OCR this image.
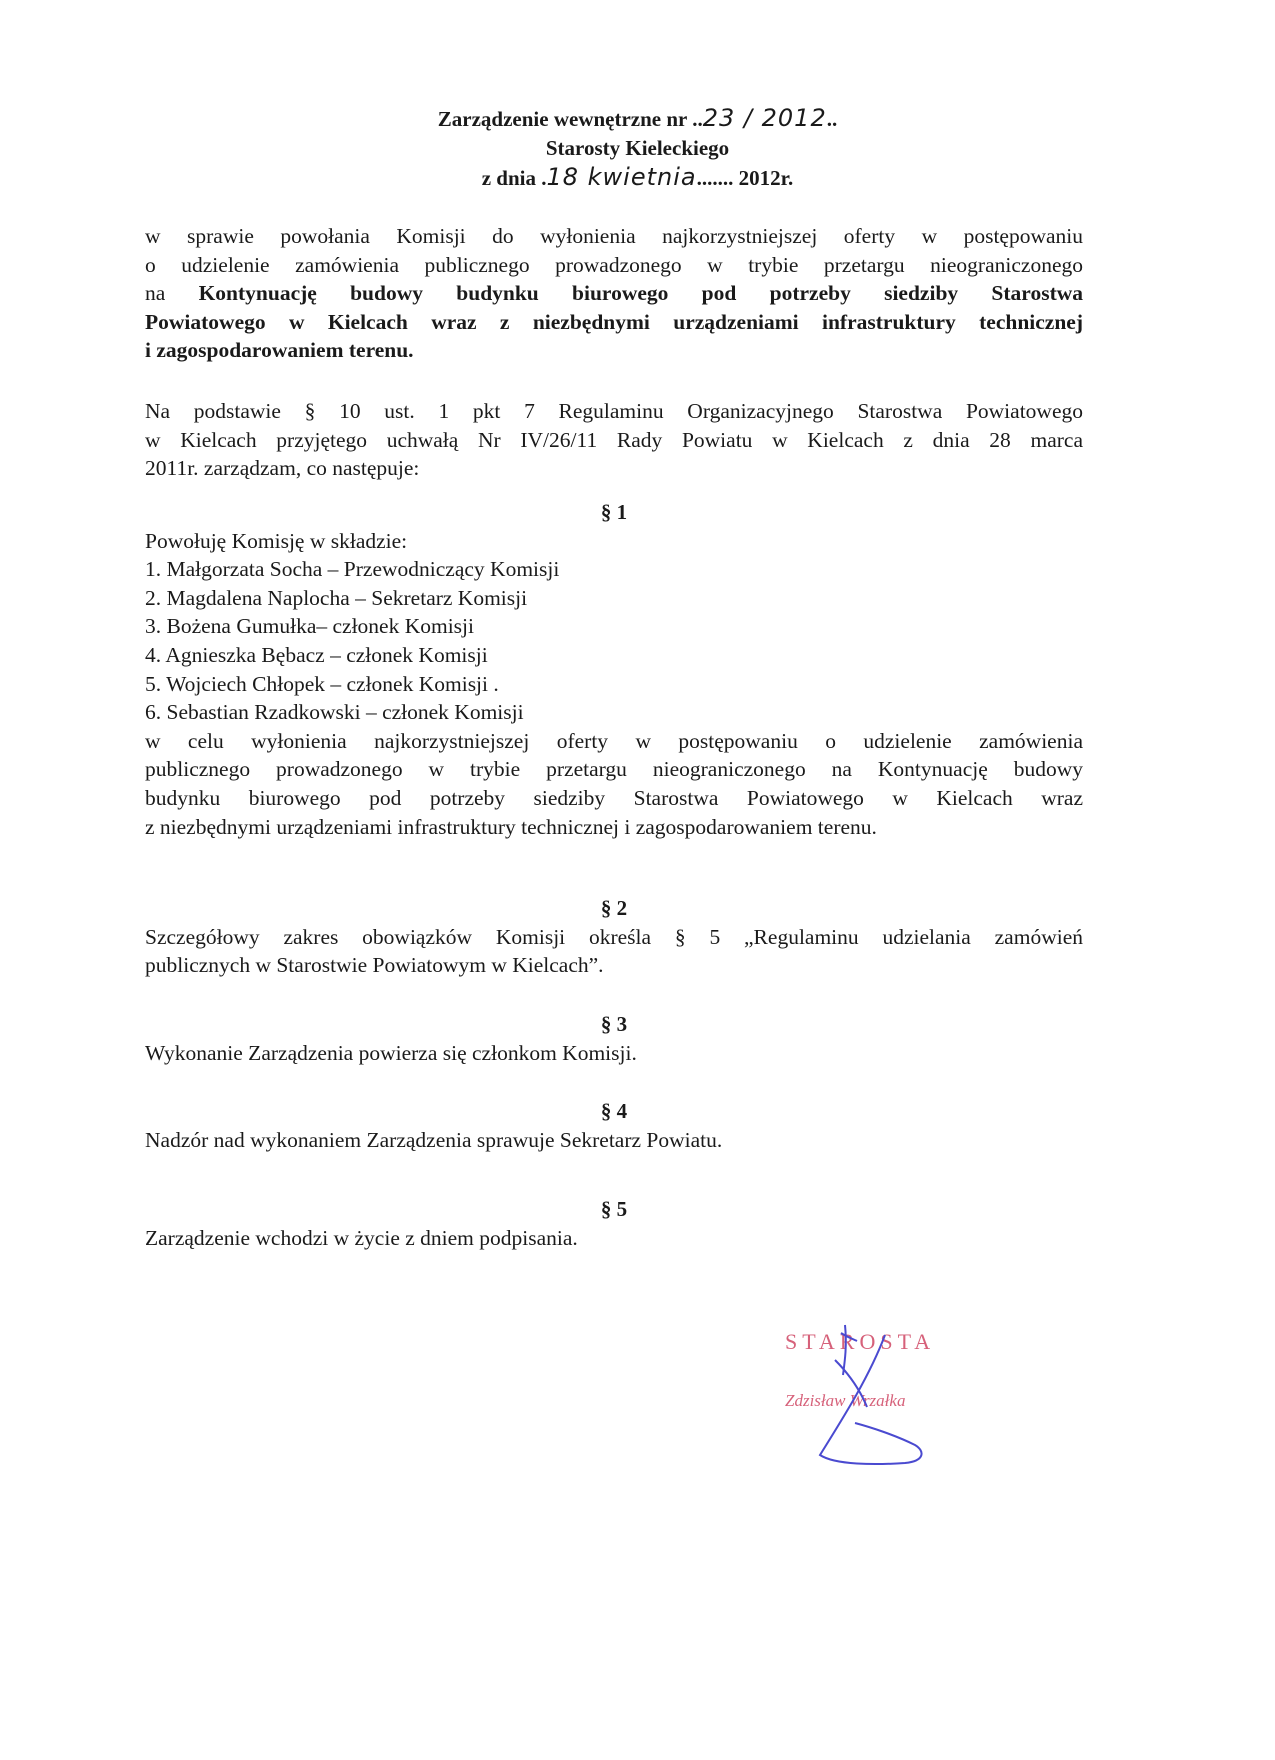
Zarządzenie wewnętrzne nr ..23 / 2012..
Starosty Kieleckiego
z dnia .18 kwietnia....... 2012r.
w sprawie powołania Komisji do wyłonienia najkorzystniejszej oferty w postępowaniu
o udzielenie zamówienia publicznego prowadzonego w trybie przetargu nieograniczonego
na Kontynuację budowy budynku biurowego pod potrzeby siedziby Starostwa
Powiatowego w Kielcach wraz z niezbędnymi urządzeniami infrastruktury technicznej
i zagospodarowaniem terenu.
Na podstawie § 10 ust. 1 pkt 7 Regulaminu Organizacyjnego Starostwa Powiatowego
w Kielcach przyjętego uchwałą Nr IV/26/11 Rady Powiatu w Kielcach z dnia 28 marca
2011r. zarządzam, co następuje:
§ 1
Powołuję Komisję w składzie:
1. Małgorzata Socha – Przewodniczący Komisji
2. Magdalena Naplocha – Sekretarz Komisji
3. Bożena Gumułka– członek Komisji
4. Agnieszka Bębacz – członek Komisji
5. Wojciech Chłopek – członek Komisji .
6. Sebastian Rzadkowski – członek Komisji
w celu wyłonienia najkorzystniejszej oferty w postępowaniu o udzielenie zamówienia
publicznego prowadzonego w trybie przetargu nieograniczonego na Kontynuację budowy
budynku biurowego pod potrzeby siedziby Starostwa Powiatowego w Kielcach wraz
z niezbędnymi urządzeniami infrastruktury technicznej i zagospodarowaniem terenu.
§ 2
Szczegółowy zakres obowiązków Komisji określa § 5 „Regulaminu udzielania zamówień
publicznych w Starostwie Powiatowym w Kielcach”.
§ 3
Wykonanie Zarządzenia powierza się członkom Komisji.
§ 4
Nadzór nad wykonaniem Zarządzenia sprawuje Sekretarz Powiatu.
§ 5
Zarządzenie wchodzi w życie z dniem podpisania.
STAROSTA
Zdzisław Wrzałka
